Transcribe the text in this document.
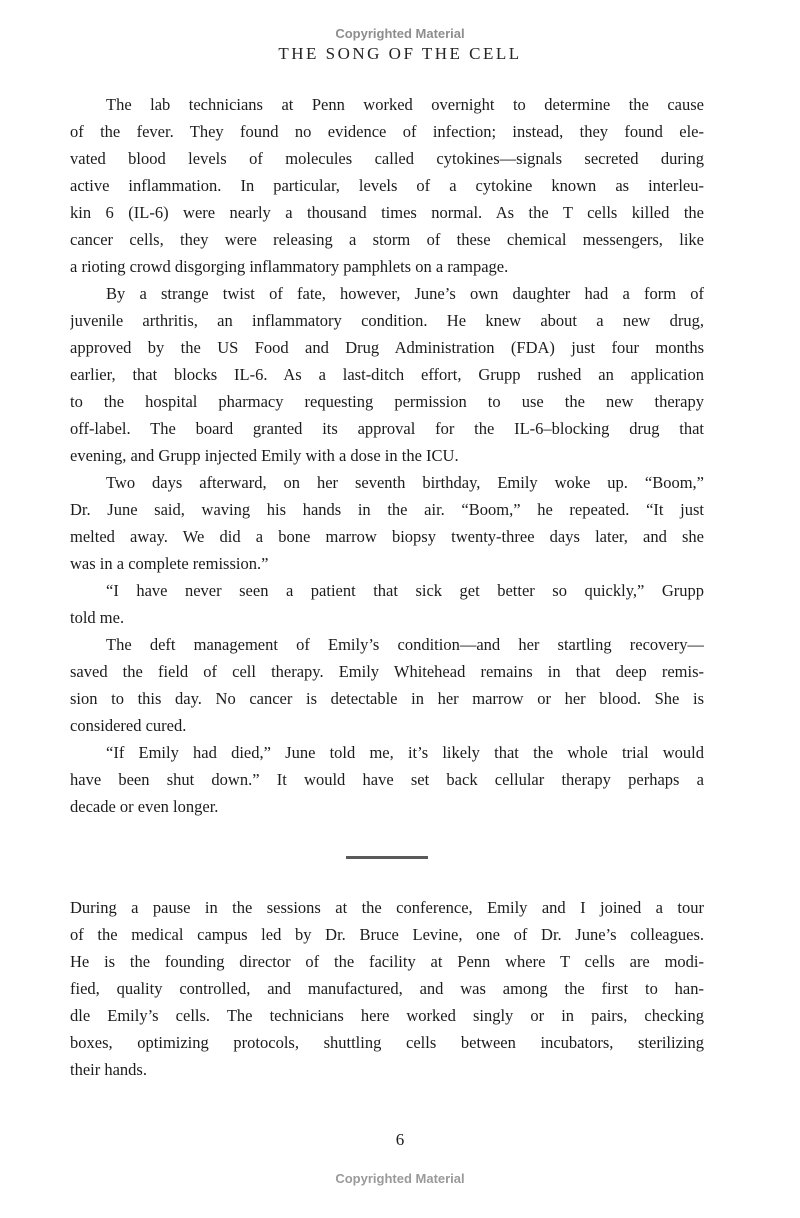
Copyrighted Material
THE SONG OF THE CELL
The lab technicians at Penn worked overnight to determine the cause
of the fever. They found no evidence of infection; instead, they found ele-
vated blood levels of molecules called cytokines—signals secreted during
active inflammation. In particular, levels of a cytokine known as interleu-
kin 6 (IL-6) were nearly a thousand times normal. As the T cells killed the
cancer cells, they were releasing a storm of these chemical messengers, like
a rioting crowd disgorging inflammatory pamphlets on a rampage.
By a strange twist of fate, however, June’s own daughter had a form of
juvenile arthritis, an inflammatory condition. He knew about a new drug,
approved by the US Food and Drug Administration (FDA) just four months
earlier, that blocks IL-6. As a last-ditch effort, Grupp rushed an application
to the hospital pharmacy requesting permission to use the new therapy
off-label. The board granted its approval for the IL-6–blocking drug that
evening, and Grupp injected Emily with a dose in the ICU.
Two days afterward, on her seventh birthday, Emily woke up. “Boom,”
Dr. June said, waving his hands in the air. “Boom,” he repeated. “It just
melted away. We did a bone marrow biopsy twenty-three days later, and she
was in a complete remission.”
“I have never seen a patient that sick get better so quickly,” Grupp
told me.
The deft management of Emily’s condition—and her startling recovery—
saved the field of cell therapy. Emily Whitehead remains in that deep remis-
sion to this day. No cancer is detectable in her marrow or her blood. She is
considered cured.
“If Emily had died,” June told me, it’s likely that the whole trial would
have been shut down.” It would have set back cellular therapy perhaps a
decade or even longer.
During a pause in the sessions at the conference, Emily and I joined a tour
of the medical campus led by Dr. Bruce Levine, one of Dr. June’s colleagues.
He is the founding director of the facility at Penn where T cells are modi-
fied, quality controlled, and manufactured, and was among the first to han-
dle Emily’s cells. The technicians here worked singly or in pairs, checking
boxes, optimizing protocols, shuttling cells between incubators, sterilizing
their hands.
6
Copyrighted Material
